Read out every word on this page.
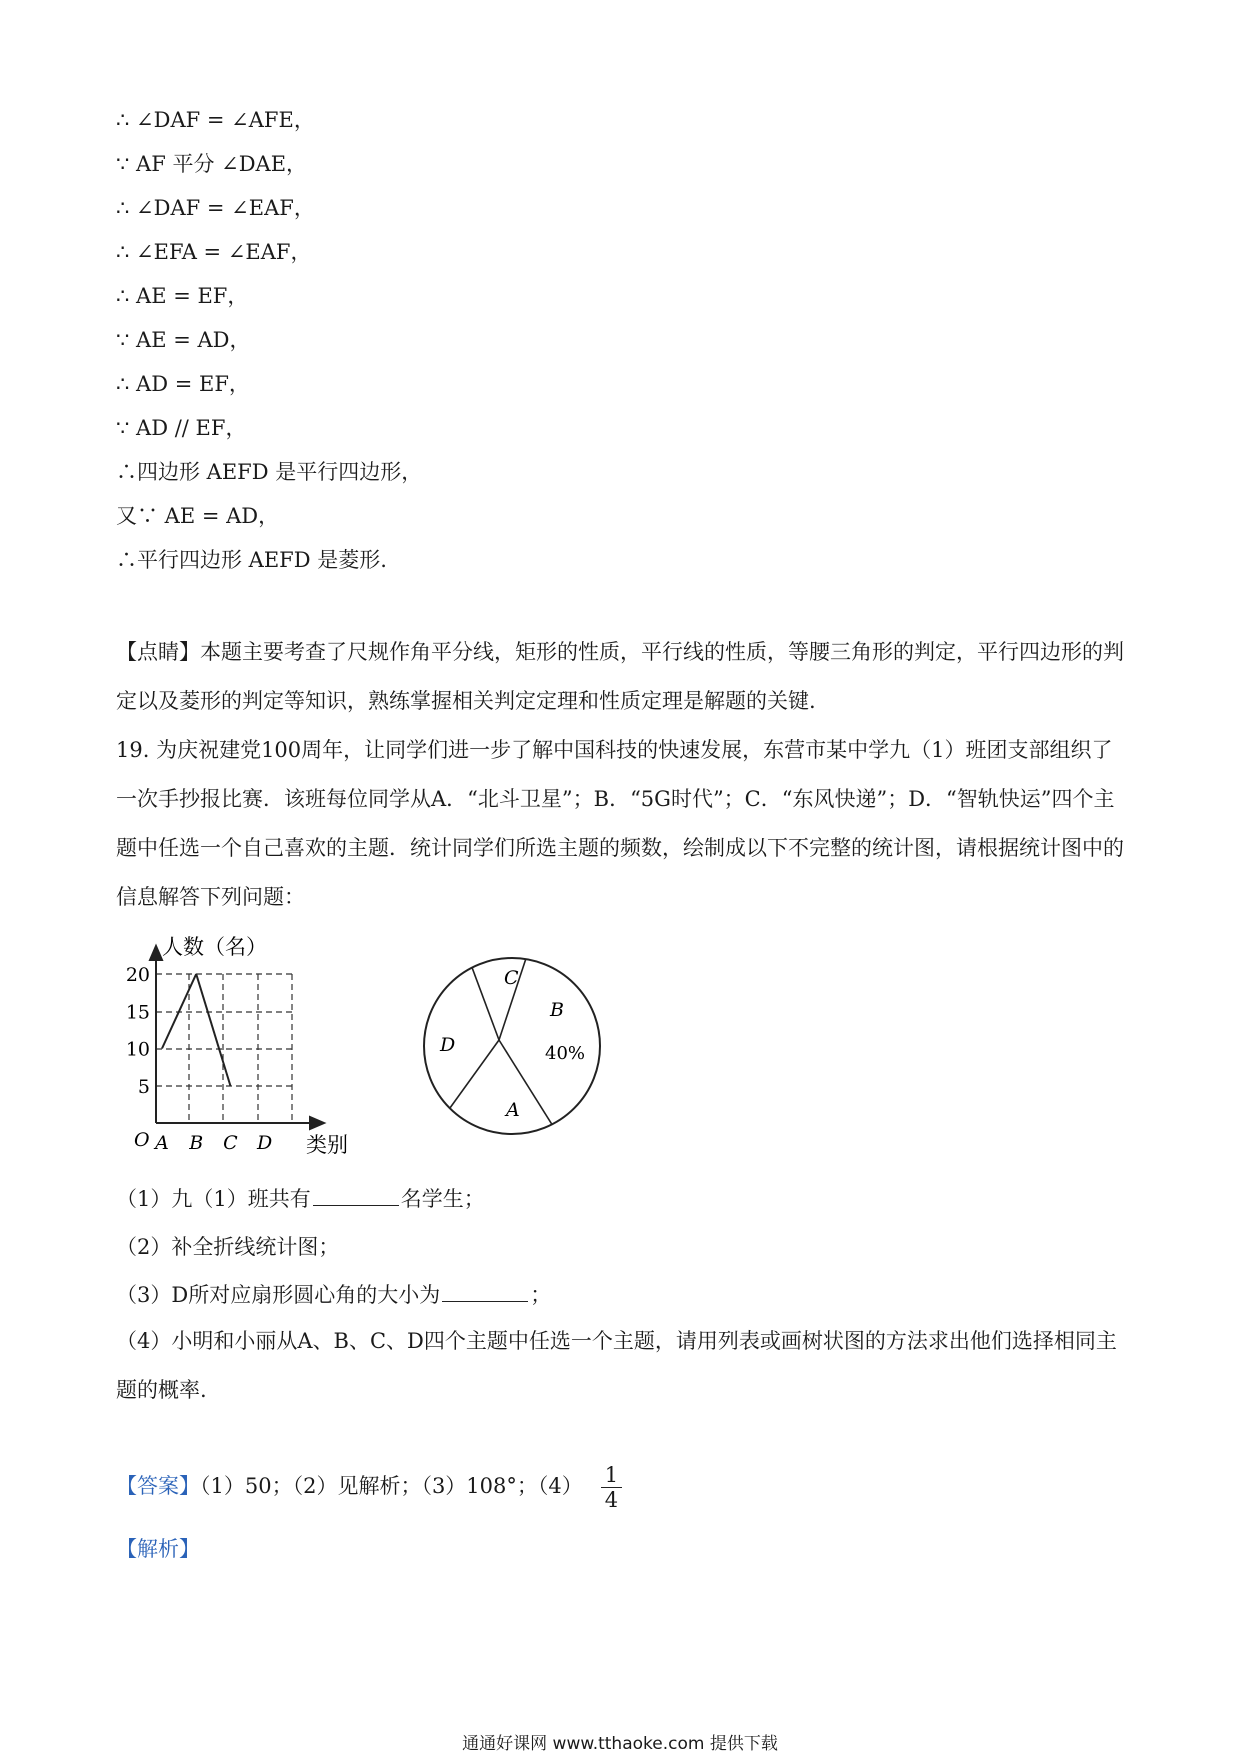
∴ ∠DAF = ∠AFE，
∵ AF 平分 ∠DAE，
∴ ∠DAF = ∠EAF，
∴ ∠EFA = ∠EAF，
∴ AE = EF，
∵ AE = AD，
∴ AD = EF，
∵ AD // EF，
∴四边形 AEFD 是平行四边形，
又∵ AE = AD，
∴平行四边形 AEFD 是菱形.
【点睛】本题主要考查了尺规作角平分线，矩形的性质，平行线的性质，等腰三角形的判定，平行四边形的判定以及菱形的判定等知识，熟练掌握相关判定定理和性质定理是解题的关键.
19. 为庆祝建党100周年，让同学们进一步了解中国科技的快速发展，东营市某中学九（1）班团支部组织了一次手抄报比赛．该班每位同学从A．“北斗卫星”；B．“5G时代”；C．“东风快递”；D．“智轨快运”四个主题中任选一个自己喜欢的主题．统计同学们所选主题的频数，绘制成以下不完整的统计图，请根据统计图中的信息解答下列问题：
人数（名）
类别
O
5
10
15
20
A B C D
C
B
40%
D
A
（1）九（1）班共有	名学生；
（2）补全折线统计图；
（3）D所对应扇形圆心角的大小为	；
（4）小明和小丽从A、B、C、D四个主题中任选一个主题，请用列表或画树状图的方法求出他们选择相同主题的概率.
【答案】（1）50；（2）见解析；（3）108°；$(4) \frac{1}{4}$
【解析】
通通好课网 www.tthaoke.com 提供下载
